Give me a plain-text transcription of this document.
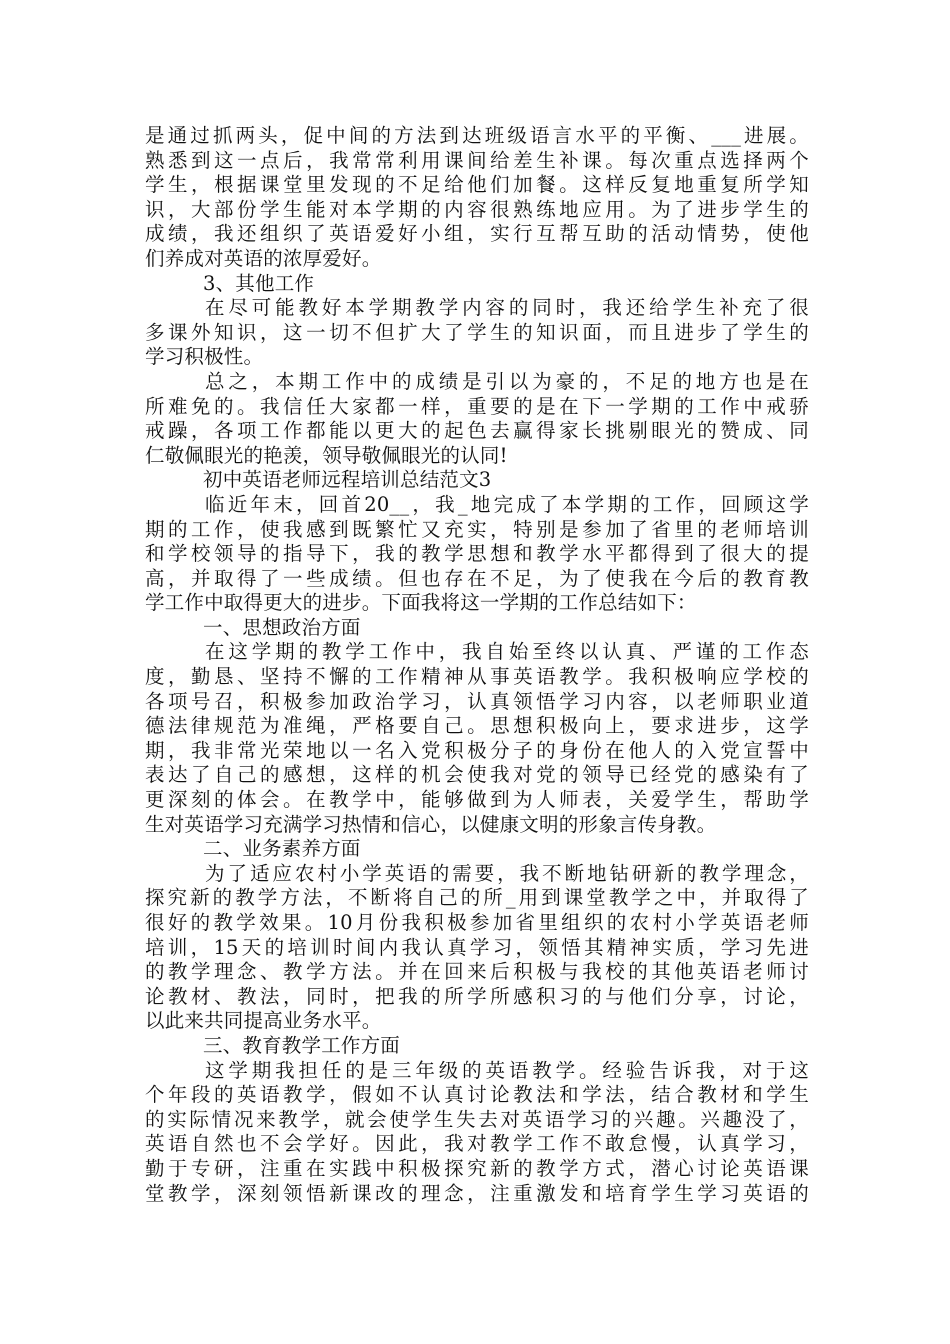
是通过抓两头，促中间的方法到达班级语言水平的平衡、___进展。
熟悉到这一点后，我常常利用课间给差生补课。每次重点选择两个
学生，根据课堂里发现的不足给他们加餐。这样反复地重复所学知
识，大部份学生能对本学期的内容很熟练地应用。为了进步学生的
成绩，我还组织了英语爱好小组，实行互帮互助的活动情势，使他
们养成对英语的浓厚爱好。
3、其他工作
在尽可能教好本学期教学内容的同时，我还给学生补充了很
多课外知识，这一切不但扩大了学生的知识面，而且进步了学生的
学习积极性。
总之，本期工作中的成绩是引以为豪的，不足的地方也是在
所难免的。我信任大家都一样，重要的是在下一学期的工作中戒骄
戒躁，各项工作都能以更大的起色去赢得家长挑剔眼光的赞成、同
仁敬佩眼光的艳羡，领导敬佩眼光的认同!
初中英语老师远程培训总结范文3
临近年末，回首20__，我_地完成了本学期的工作，回顾这学
期的工作，使我感到既繁忙又充实，特别是参加了省里的老师培训
和学校领导的指导下，我的教学思想和教学水平都得到了很大的提
高，并取得了一些成绩。但也存在不足，为了使我在今后的教育教
学工作中取得更大的进步。下面我将这一学期的工作总结如下：
一、思想政治方面
在这学期的教学工作中，我自始至终以认真、严谨的工作态
度，勤恳、坚持不懈的工作精神从事英语教学。我积极响应学校的
各项号召，积极参加政治学习，认真领悟学习内容，以老师职业道
德法律规范为准绳，严格要自己。思想积极向上，要求进步，这学
期，我非常光荣地以一名入党积极分子的身份在他人的入党宣誓中
表达了自己的感想，这样的机会使我对党的领导已经党的感染有了
更深刻的体会。在教学中，能够做到为人师表，关爱学生，帮助学
生对英语学习充满学习热情和信心，以健康文明的形象言传身教。
二、业务素养方面
为了适应农村小学英语的需要，我不断地钻研新的教学理念，
探究新的教学方法，不断将自己的所_用到课堂教学之中，并取得了
很好的教学效果。10月份我积极参加省里组织的农村小学英语老师
培训，15天的培训时间内我认真学习，领悟其精神实质，学习先进
的教学理念、教学方法。并在回来后积极与我校的其他英语老师讨
论教材、教法，同时，把我的所学所感积习的与他们分享，讨论，
以此来共同提高业务水平。
三、教育教学工作方面
这学期我担任的是三年级的英语教学。经验告诉我，对于这
个年段的英语教学，假如不认真讨论教法和学法，结合教材和学生
的实际情况来教学，就会使学生失去对英语学习的兴趣。兴趣没了，
英语自然也不会学好。因此，我对教学工作不敢怠慢，认真学习，
勤于专研，注重在实践中积极探究新的教学方式，潜心讨论英语课
堂教学，深刻领悟新课改的理念，注重激发和培育学生学习英语的
